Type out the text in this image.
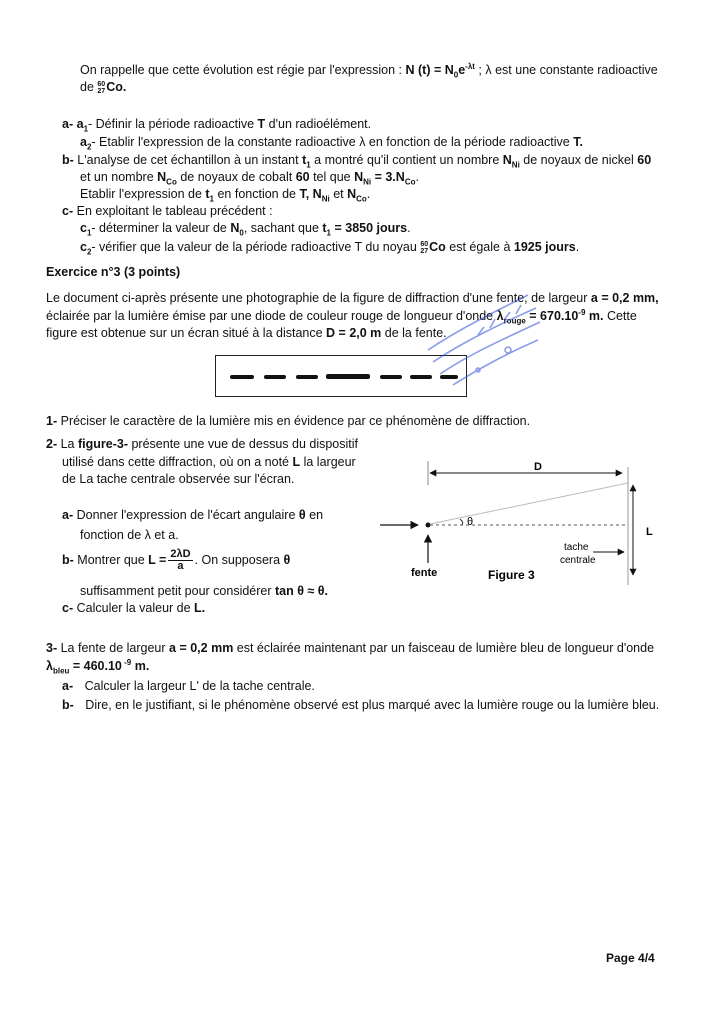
On rappelle que cette évolution est régie par l'expression : N $(t) = N_0e^{-\lambda t}$ ; λ est une constante radioactive
de 60
27 Co.
a- $a_1-$ Définir la période radioactive T d'un radioélément.
$a_2-$ Etablir l'expression de la constante radioactive λ en fonction de la période radioactive T.
b- L'analyse de cet échantillon à un instant $t_1$ a montré qu'il contient un nombre $N_{Ni}$ de noyaux de nickel 60
et un nombre $N_{Co}$ de noyaux de cobalt 60 tel que $N_{Ni} = 3.N_{Co}$.
Etablir l'expression de $t_1$ en fonction de T, $N_{Ni}$ et $N_{Co}$.
c- En exploitant le tableau précédent :
$c_1-$ déterminer la valeur de $N_0$, sachant que $t_1 = 3850$ jours.
$c_2-$ vérifier que la valeur de la période radioactive T du noyau 60
27 Co est égale à 1925 jours.
Exercice n°3 (3 points)
Le document ci-après présente une photographie de la figure de diffraction d'une fente, de largeur a = 0,2 mm,
éclairée par la lumière émise par une diode de couleur rouge de longueur d'onde $\lambda_{rouge} = 670.10^{-9}$ m. Cette
figure est obtenue sur un écran situé à la distance D = 2,0 m de la fente.
1- Préciser le caractère de la lumière mis en évidence par ce phénomène de diffraction.
2- La figure-3- présente une vue de dessus du dispositif
utilisé dans cette diffraction, où on a noté L la largeur
de La tache centrale observée sur l'écran.
a- Donner l'expression de l'écart angulaire θ en
fonction de λ et a.
b- Montrer que $L = \frac{2\lambda D}{a}$ . On supposera θ
suffisamment petit pour considérer tan θ ≈ θ.
c- Calculer la valeur de L.
D
L
θ
fente	Figure 3
tache
centrale
3- La fente de largeur a = 0,2 mm est éclairée maintenant par un faisceau de lumière bleu de longueur d'onde
$\lambda_{bleu} = 460.10$ $^{-9}$ m.
a- Calculer la largeur L' de la tache centrale.
b- Dire, en le justifiant, si le phénomène observé est plus marqué avec la lumière rouge ou la lumière bleu.
Page 4/4
